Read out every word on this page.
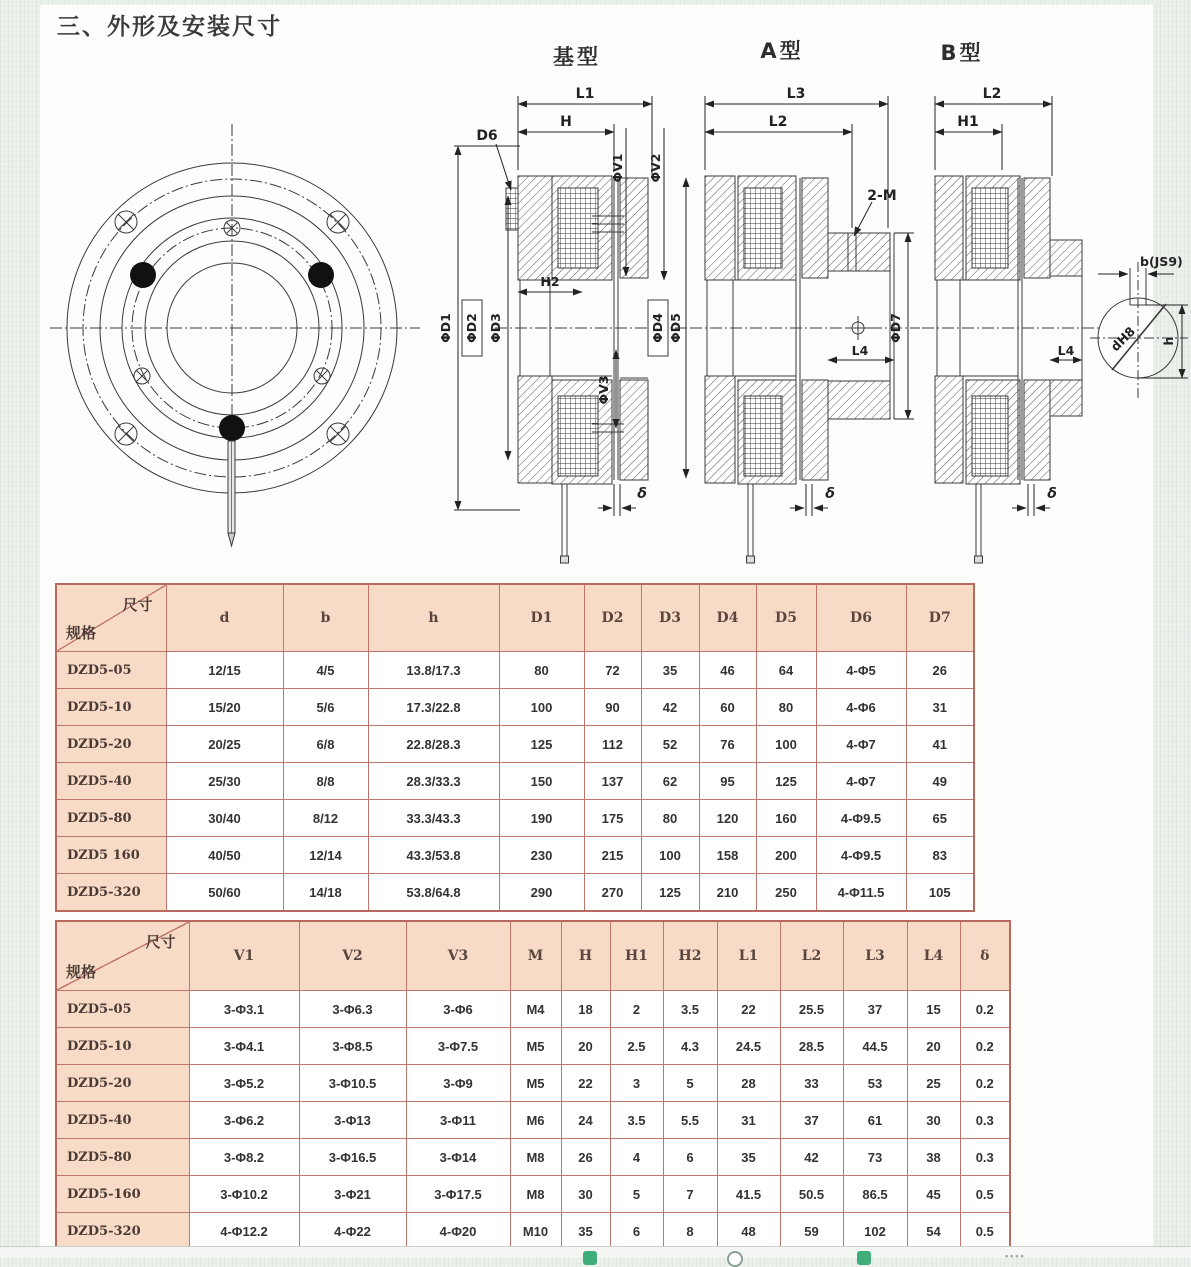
三、外形及安装尺寸
基型
L1
H
D6
ΦV1 ΦV2
ΦD1 ΦD2 ΦD3
H2
ΦV3
ΦD4 ΦD5
δ
A型
L3
L2
2-M
L4
ΦD7
δ
B型
L2
H1
L4
δ
b(JS9)
dH8 h
尺寸
规格	d	b	h	D1	D2	D3	D4	D5	D6	D7
DZD5-05	12/15	4/5	13.8/17.3	80	72	35	46	64	4-Φ5	26
DZD5-10	15/20	5/6	17.3/22.8	100	90	42	60	80	4-Φ6	31
DZD5-20	20/25	6/8	22.8/28.3	125	112	52	76	100	4-Φ7	41
DZD5-40	25/30	8/8	28.3/33.3	150	137	62	95	125	4-Φ7	49
DZD5-80	30/40	8/12	33.3/43.3	190	175	80	120	160	4-Φ9.5	65
DZD5 160	40/50	12/14	43.3/53.8	230	215	100	158	200	4-Φ9.5	83
DZD5-320	50/60	14/18	53.8/64.8	290	270	125	210	250	4-Φ11.5	105
尺寸
规格	V1	V2	V3	M	H	H1	H2	L1	L2	L3	L4	δ
DZD5-05	3-Φ3.1	3-Φ6.3	3-Φ6	M4	18	2	3.5	22	25.5	37	15	0.2
DZD5-10	3-Φ4.1	3-Φ8.5	3-Φ7.5	M5	20	2.5	4.3	24.5	28.5	44.5	20	0.2
DZD5-20	3-Φ5.2	3-Φ10.5	3-Φ9	M5	22	3	5	28	33	53	25	0.2
DZD5-40	3-Φ6.2	3-Φ13	3-Φ11	M6	24	3.5	5.5	31	37	61	30	0.3
DZD5-80	3-Φ8.2	3-Φ16.5	3-Φ14	M8	26	4	6	35	42	73	38	0.3
DZD5-160	3-Φ10.2	3-Φ21	3-Φ17.5	M8	30	5	7	41.5	50.5	86.5	45	0.5
DZD5-320	4-Φ12.2	4-Φ22	4-Φ20	M10	35	6	8	48	59	102	54	0.5
••••
